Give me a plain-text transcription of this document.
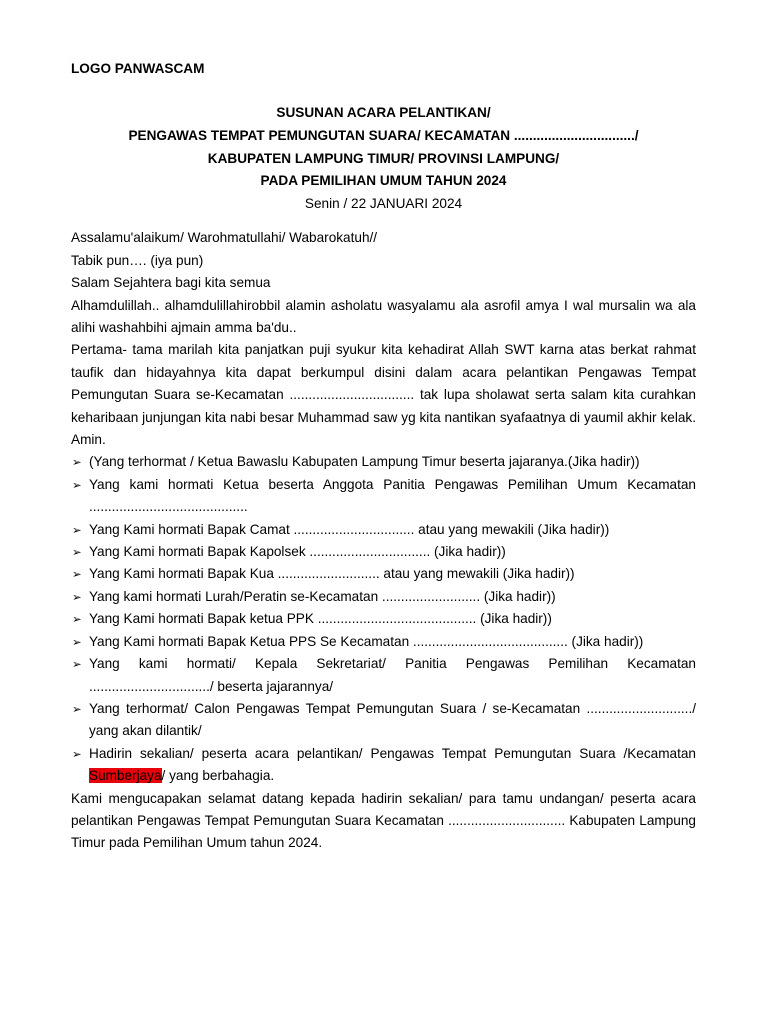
LOGO PANWASCAM
SUSUNAN ACARA PELANTIKAN/
PENGAWAS TEMPAT PEMUNGUTAN SUARA/ KECAMATAN ................................/
KABUPATEN LAMPUNG TIMUR/ PROVINSI LAMPUNG/
PADA PEMILIHAN UMUM TAHUN 2024
Senin / 22 JANUARI 2024

Assalamu'alaikum/ Warohmatullahi/ Wabarokatuh//

Tabik pun…. (iya pun)

Salam Sejahtera bagi kita semua

Alhamdulillah.. alhamdulillahirobbil alamin asholatu wasyalamu ala asrofil amya I wal mursalin wa ala alihi washahbihi ajmain amma ba'du..

Pertama- tama marilah kita panjatkan puji syukur kita kehadirat Allah SWT karna atas berkat rahmat taufik dan hidayahnya kita dapat berkumpul disini dalam acara pelantikan Pengawas Tempat Pemungutan Suara se-Kecamatan ................................. tak lupa sholawat serta salam kita curahkan keharibaan junjungan kita nabi besar Muhammad saw yg kita nantikan syafaatnya di yaumil akhir kelak. Amin.

➢ (Yang terhormat / Ketua Bawaslu Kabupaten Lampung Timur beserta jajaranya.(Jika hadir))
➢ Yang kami hormati Ketua beserta Anggota Panitia Pengawas Pemilihan Umum Kecamatan ..........................................
➢ Yang Kami hormati Bapak Camat ................................ atau yang mewakili (Jika hadir))
➢ Yang Kami hormati Bapak Kapolsek ................................ (Jika hadir))
➢ Yang Kami hormati Bapak Kua ........................... atau yang mewakili (Jika hadir))
➢ Yang kami hormati Lurah/Peratin se-Kecamatan .......................... (Jika hadir))
➢ Yang Kami hormati Bapak ketua PPK .......................................... (Jika hadir))
➢ Yang Kami hormati Bapak Ketua PPS Se Kecamatan ......................................... (Jika hadir))
➢ Yang kami hormati/ Kepala Sekretariat/ Panitia Pengawas Pemilihan Kecamatan ................................/ beserta jajarannya/
➢ Yang terhormat/ Calon Pengawas Tempat Pemungutan Suara / se-Kecamatan ............................/ yang akan dilantik/
➢ Hadirin sekalian/ peserta acara pelantikan/ Pengawas Tempat Pemungutan Suara /Kecamatan Sumberjaya/ yang berbahagia.

Kami mengucapakan selamat datang kepada hadirin sekalian/ para tamu undangan/ peserta acara pelantikan Pengawas Tempat Pemungutan Suara Kecamatan ............................... Kabupaten Lampung Timur pada Pemilihan Umum tahun 2024.
